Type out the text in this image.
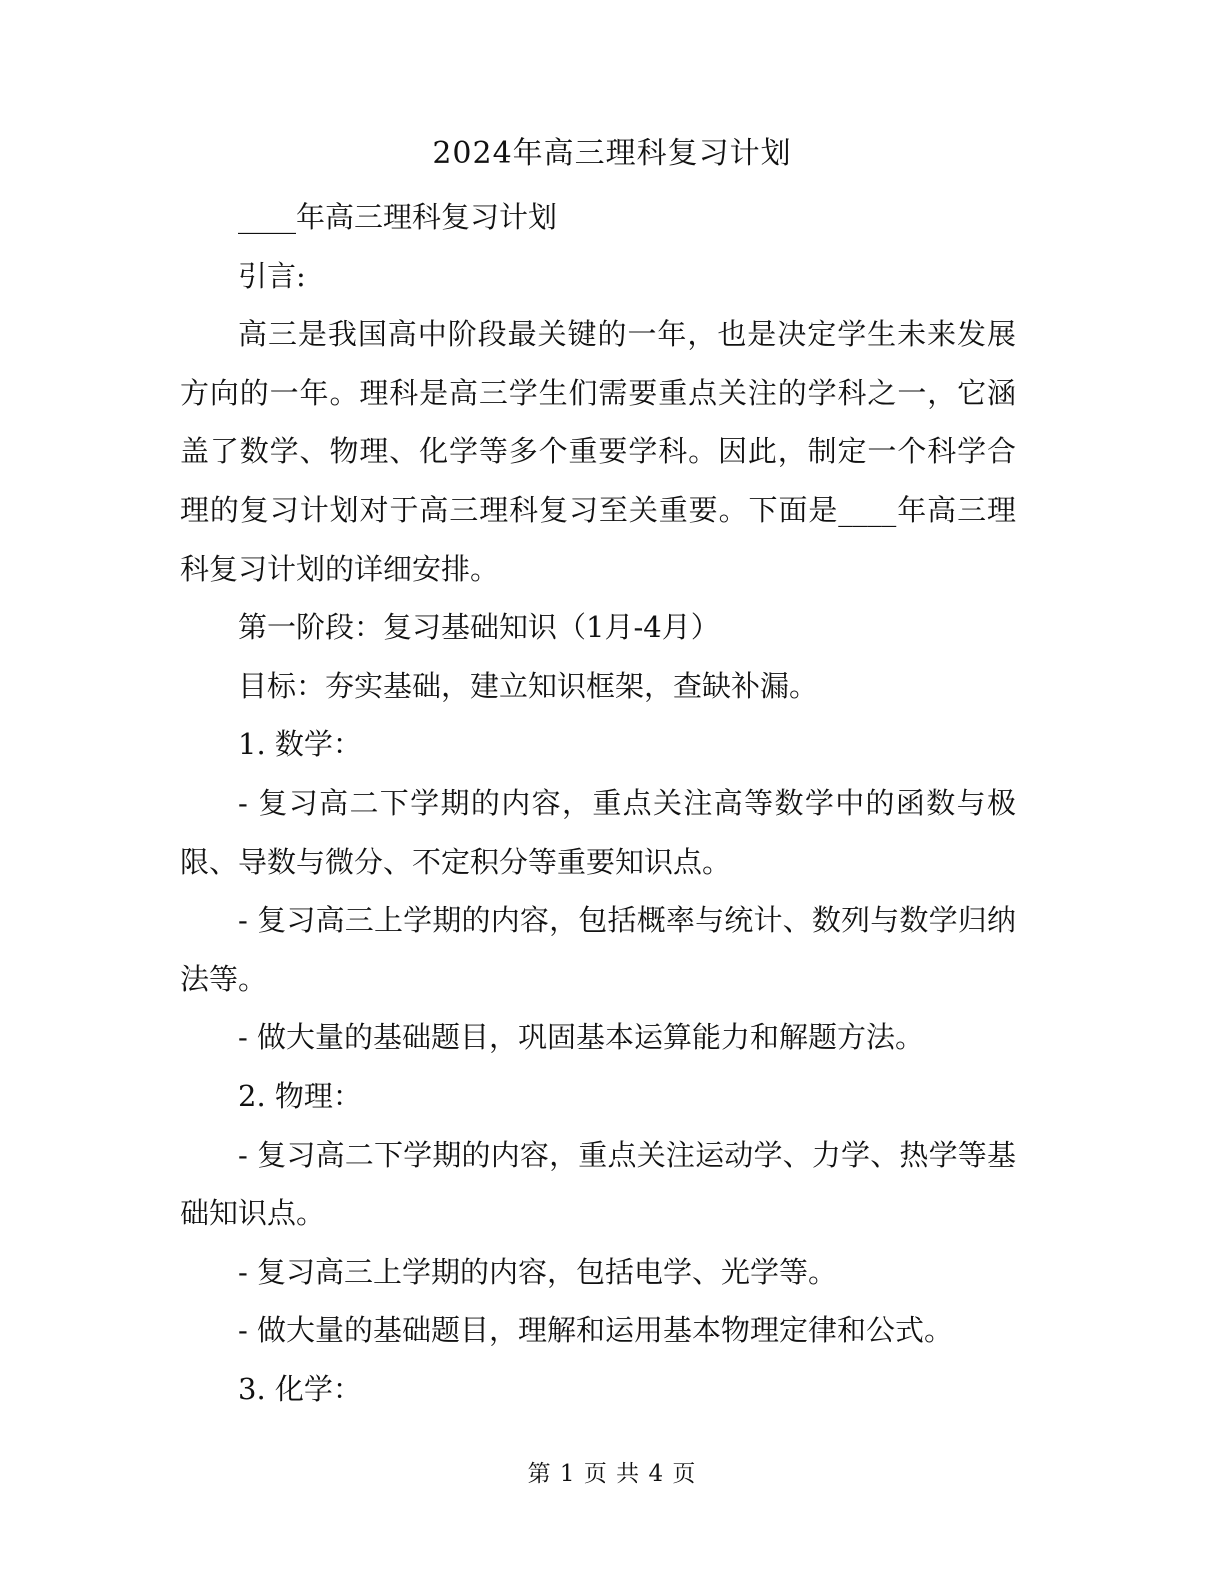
2024年高三理科复习计划

____年高三理科复习计划

引言:

高三是我国高中阶段最关键的一年，也是决定学生未来发展方向的一年。理科是高三学生们需要重点关注的学科之一，它涵盖了数学、物理、化学等多个重要学科。因此，制定一个科学合理的复习计划对于高三理科复习至关重要。下面是____年高三理科复习计划的详细安排。

第一阶段：复习基础知识（1月-4月）

目标：夯实基础，建立知识框架，查缺补漏。

1. 数学：

- 复习高二下学期的内容，重点关注高等数学中的函数与极限、导数与微分、不定积分等重要知识点。

- 复习高三上学期的内容，包括概率与统计、数列与数学归纳法等。

- 做大量的基础题目，巩固基本运算能力和解题方法。

2. 物理：

- 复习高二下学期的内容，重点关注运动学、力学、热学等基础知识点。

- 复习高三上学期的内容，包括电学、光学等。

- 做大量的基础题目，理解和运用基本物理定律和公式。

3. 化学：

第 1 页 共 4 页
